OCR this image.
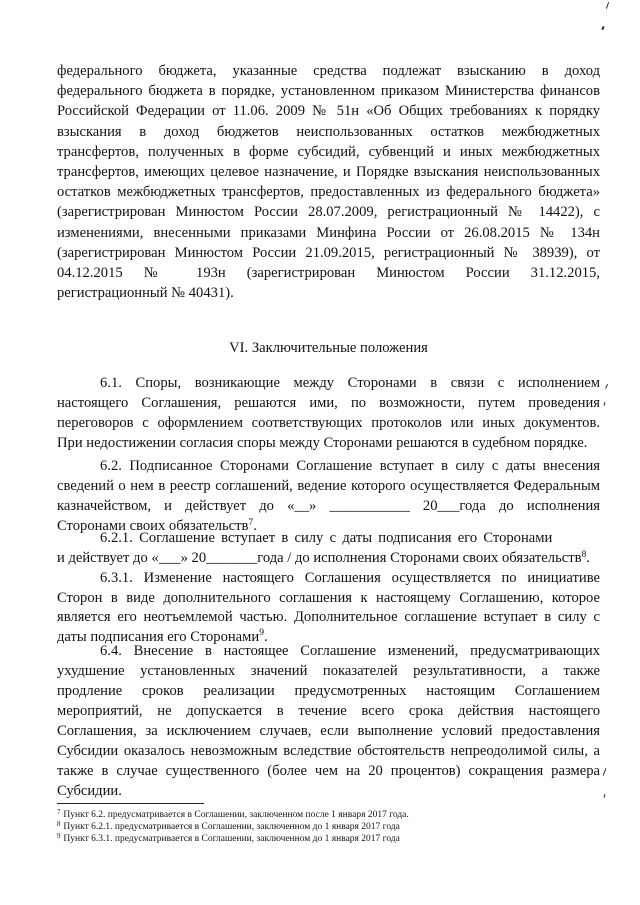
федерального бюджета, указанные средства подлежат взысканию в доход
федерального бюджета в порядке, установленном приказом Министерства финансов
Российской Федерации от 11.06. 2009 № 51н «Об Общих требованиях к порядку
взыскания в доход бюджетов неиспользованных остатков межбюджетных
трансфертов, полученных в форме субсидий, субвенций и иных межбюджетных
трансфертов, имеющих целевое назначение, и Порядке взыскания неиспользованных
остатков межбюджетных трансфертов, предоставленных из федерального бюджета»
(зарегистрирован Минюстом России 28.07.2009, регистрационный № 14422), с
изменениями, внесенными приказами Минфина России от 26.08.2015 № 134н
(зарегистрирован Минюстом России 21.09.2015, регистрационный № 38939), от
04.12.2015 № 193н (зарегистрирован Минюстом России 31.12.2015,
регистрационный № 40431).
VI. Заключительные положения
6.1. Споры, возникающие между Сторонами в связи с исполнением
настоящего Соглашения, решаются ими, по возможности, путем проведения
переговоров с оформлением соответствующих протоколов или иных документов.
При недостижении согласия споры между Сторонами решаются в судебном порядке.
6.2. Подписанное Сторонами Соглашение вступает в силу с даты внесения
сведений о нем в реестр соглашений, ведение которого осуществляется Федеральным
казначейством, и действует до «__» ___________ 20___года до исполнения
Сторонами своих обязательств$^7$.
6.2.1. Соглашение вступает в силу с даты подписания его Сторонами
и действует до «___» 20_______года / до исполнения Сторонами своих обязательств$^8$.
6.3.1. Изменение настоящего Соглашения осуществляется по инициативе
Сторон в виде дополнительного соглашения к настоящему Соглашению, которое
является его неотъемлемой частью. Дополнительное соглашение вступает в силу с
даты подписания его Сторонами$^9$.
6.4. Внесение в настоящее Соглашение изменений, предусматривающих
ухудшение установленных значений показателей результативности, а также
продление сроков реализации предусмотренных настоящим Соглашением
мероприятий, не допускается в течение всего срока действия настоящего
Соглашения, за исключением случаев, если выполнение условий предоставления
Субсидии оказалось невозможным вследствие обстоятельств непреодолимой силы, а
также в случае существенного (более чем на 20 процентов) сокращения размера
Субсидии.
$^7$ Пункт 6.2. предусматривается в Соглашении, заключенном после 1 января 2017 года.
$^8$ Пункт 6.2.1. предусматривается в Соглашении, заключенном до 1 января 2017 года
$^9$ Пункт 6.3.1. предусматривается в Соглашении, заключенном до 1 января 2017 года
